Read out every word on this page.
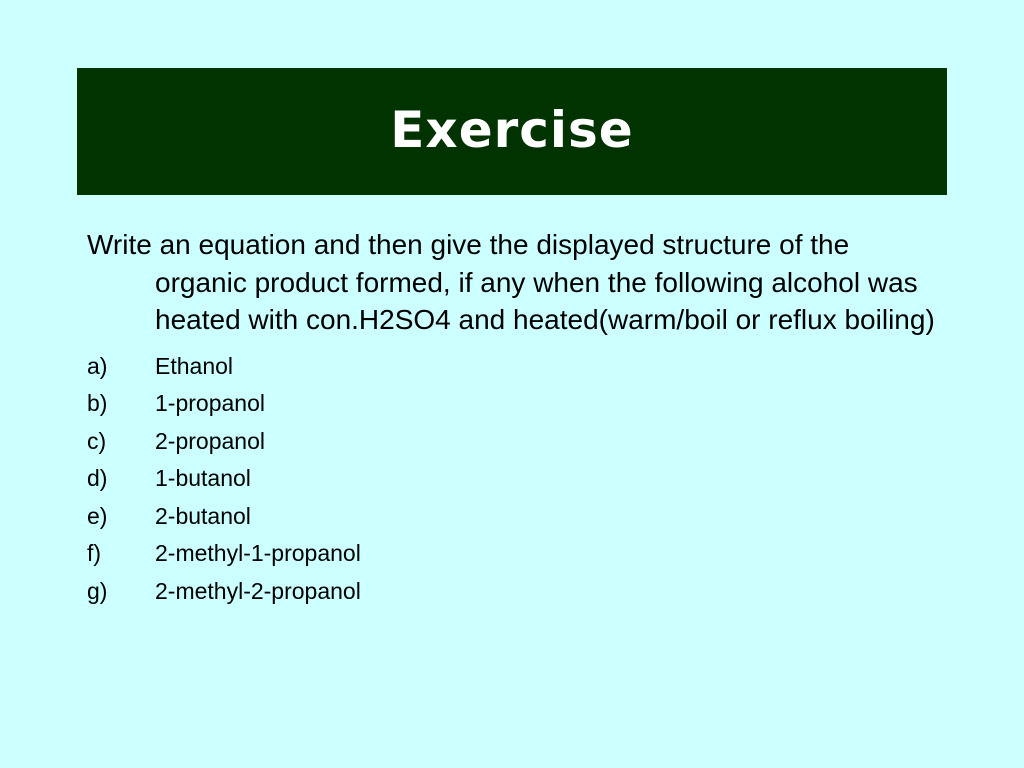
Exercise

Write an equation and then give the displayed structure of the organic product formed, if any when the following alcohol was heated with con.H2SO4 and heated(warm/boil or reflux boiling)

a)	Ethanol
b)	1-propanol
c)	2-propanol
d)	1-butanol
e)	2-butanol
f)	2-methyl-1-propanol
g)	2-methyl-2-propanol
